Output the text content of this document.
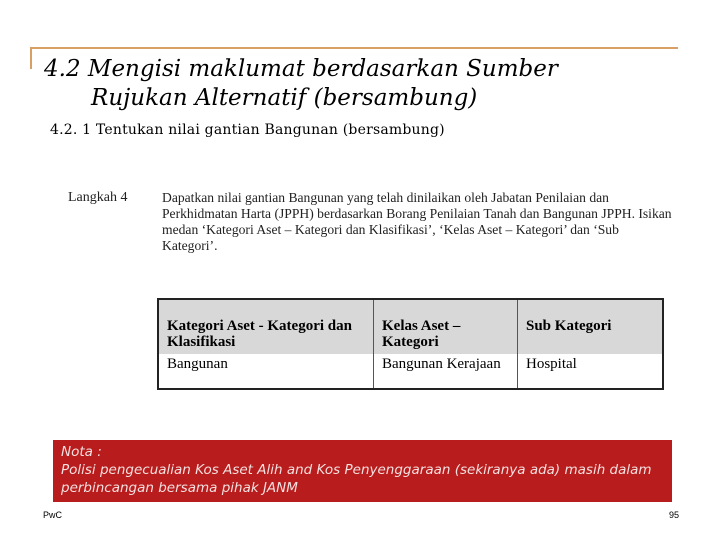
4.2 Mengisi maklumat berdasarkan Sumber
Rujukan Alternatif (bersambung)
4.2. 1 Tentukan nilai gantian Bangunan (bersambung)
Langkah 4	Dapatkan nilai gantian Bangunan yang telah dinilaikan oleh Jabatan Penilaian dan Perkhidmatan Harta (JPPH) berdasarkan Borang Penilaian Tanah dan Bangunan JPPH. Isikan medan ‘Kategori Aset – Kategori dan Klasifikasi’, ‘Kelas Aset – Kategori’ dan ‘Sub Kategori’.
Kategori Aset - Kategori dan Klasifikasi	Kelas Aset – Kategori	Sub Kategori
Bangunan	Bangunan Kerajaan	Hospital
Nota :
Polisi pengecualian Kos Aset Alih and Kos Penyenggaraan (sekiranya ada) masih dalam perbincangan bersama pihak JANM
PwC	95
